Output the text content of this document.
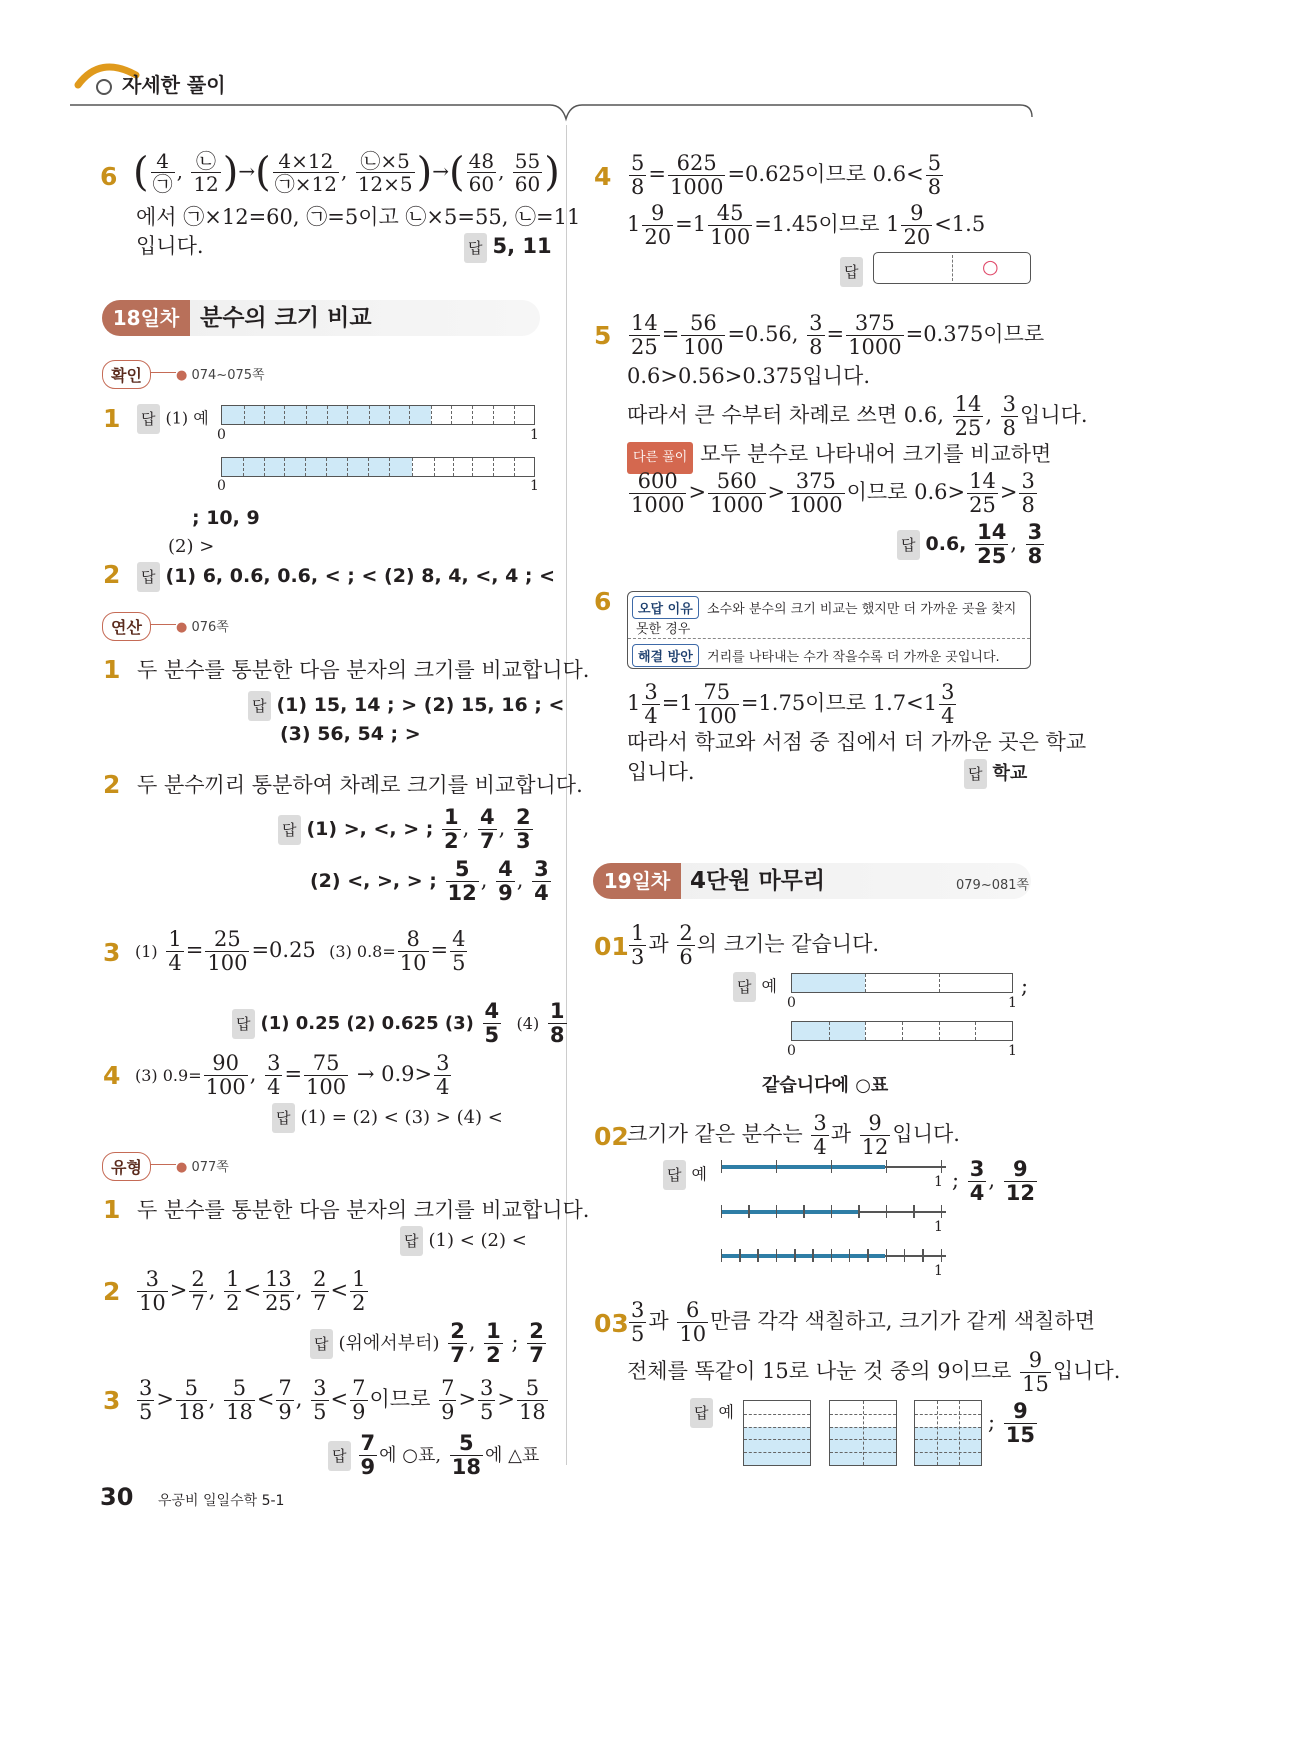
자세한 풀이
6 ( 4
㉠
, ㉡
12 )→( $\frac{4\times 12}{㉠\times 12}$ , $\frac{㉡\times 5}{12\times 5}$ )→( $\frac{48}{60}$ , $\frac{55}{60}$ )
에서 ㉠×12=60, ㉠=5이고 ㉡×5=55, ㉡=11
입니다.	답 5, 11
18일차 분수의 크기 비교
확인	● 074~075쪽
1 답 (1) 예
0	1
0	1
; 10, 9
(2) >
2 답 (1) 6, 0.6, 0.6, < ; < (2) 8, 4, <, 4 ; <
연산	● 076쪽
1 두 분수를 통분한 다음 분자의 크기를 비교합니다.
답 (1) 15, 14 ; > (2) 15, 16 ; <
(3) 56, 54 ; >
2 두 분수끼리 통분하여 차례로 크기를 비교합니다.
답 (1) >, <, > ; $\frac{1}{2}$ , $\frac{4}{7}$ , $\frac{2}{3}$
(2) <, >, > ; $\frac{5}{12}$ , $\frac{4}{9}$ , $\frac{3}{4}$
3 $(1) \frac{1}{4} = \frac{25}{100} =0.25$ (3) $0.8= \frac{8}{10} = \frac{4}{5}$
답 (1) 0.25 (2) 0.625 $(3) \frac{4}{5} (4) \frac{1}{8}$
4 (3) $0.9= \frac{90}{100}$ , $\frac{3}{4} = \frac{75}{100} \to 0.9> \frac{3}{4}$
답 (1) = (2) < (3) > (4) <
유형	● 077쪽
1 두 분수를 통분한 다음 분자의 크기를 비교합니다.
답 (1) < (2) <
$2 \frac{3}{10} > \frac{2}{7}$ , $\frac{1}{2} < \frac{13}{25}$ , $\frac{2}{7} < \frac{1}{2}$
답 (위에서부터) $\frac{2}{7}$ , $\frac{1}{2}$ ; $\frac{2}{7}$
$3 \frac{3}{5} > \frac{5}{18}$ , $\frac{5}{18} < \frac{7}{9}$ , $\frac{3}{5} < \frac{7}{9}$ 이므로 $\frac{7}{9} > \frac{3}{5} > \frac{5}{18}$
답 $\frac{7}{9}$ 에 ○표, $\frac{5}{18}$ 에 △표
30 우공비 일일수학 5-1
$4 \frac{5}{8} = \frac{625}{1000} =0.625$이므로 $0.6< \frac{5}{8}$
$1 \frac{9}{20} =1 \frac{45}{100} =1.45$이므로 $1 \frac{9}{20} <1.5$
답	○
$5 \frac{14}{25} = \frac{56}{100} =0.56$, $\frac{3}{8} = \frac{375}{1000} =0.375$이므로
0.6>0.56>0.375입니다.
따라서 큰 수부터 차례로 쓰면 0.6, $\frac{14}{25}$ , $\frac{3}{8}$ 입니다.
다른 풀이 모두 분수로 나타내어 크기를 비교하면
$\frac{600}{1000} > \frac{560}{1000} > \frac{375}{1000}$ 이므로 $0.6> \frac{14}{25} > \frac{3}{8}$
답 0.6, $\frac{14}{25}$ , $\frac{3}{8}$
6	오답 이유 소수와 분수의 크기 비교는 했지만 더 가까운 곳을 찾지
못한 경우
해결 방안 거리를 나타내는 수가 작을수록 더 가까운 곳입니다.
$1 \frac{3}{4} =1 \frac{75}{100} =1.75$이므로 $1.7<1 \frac{3}{4}$
따라서 학교와 서점 중 집에서 더 가까운 곳은 학교
입니다.	답 학교
19일차 4단원 마무리	079~081쪽
$01 \frac{1}{3}$ 과 $\frac{2}{6}$ 의 크기는 같습니다.
답 예
0	1
;
0	1
같습니다에 ○표
02
크기가 같은 분수는 $\frac{3}{4}$ 과 $\frac{9}{12}$ 입니다.
답 예	1 ; $\frac{3}{4}$ , $\frac{9}{12}$
1
1
$03 \frac{3}{5}$ 과 $\frac{6}{10}$ 만큼 각각 색칠하고, 크기가 같게 색칠하면
전체를 똑같이 15로 나눈 것 중의 9이므로 $\frac{9}{15}$ 입니다.
답 예	; $\frac{9}{15}$
